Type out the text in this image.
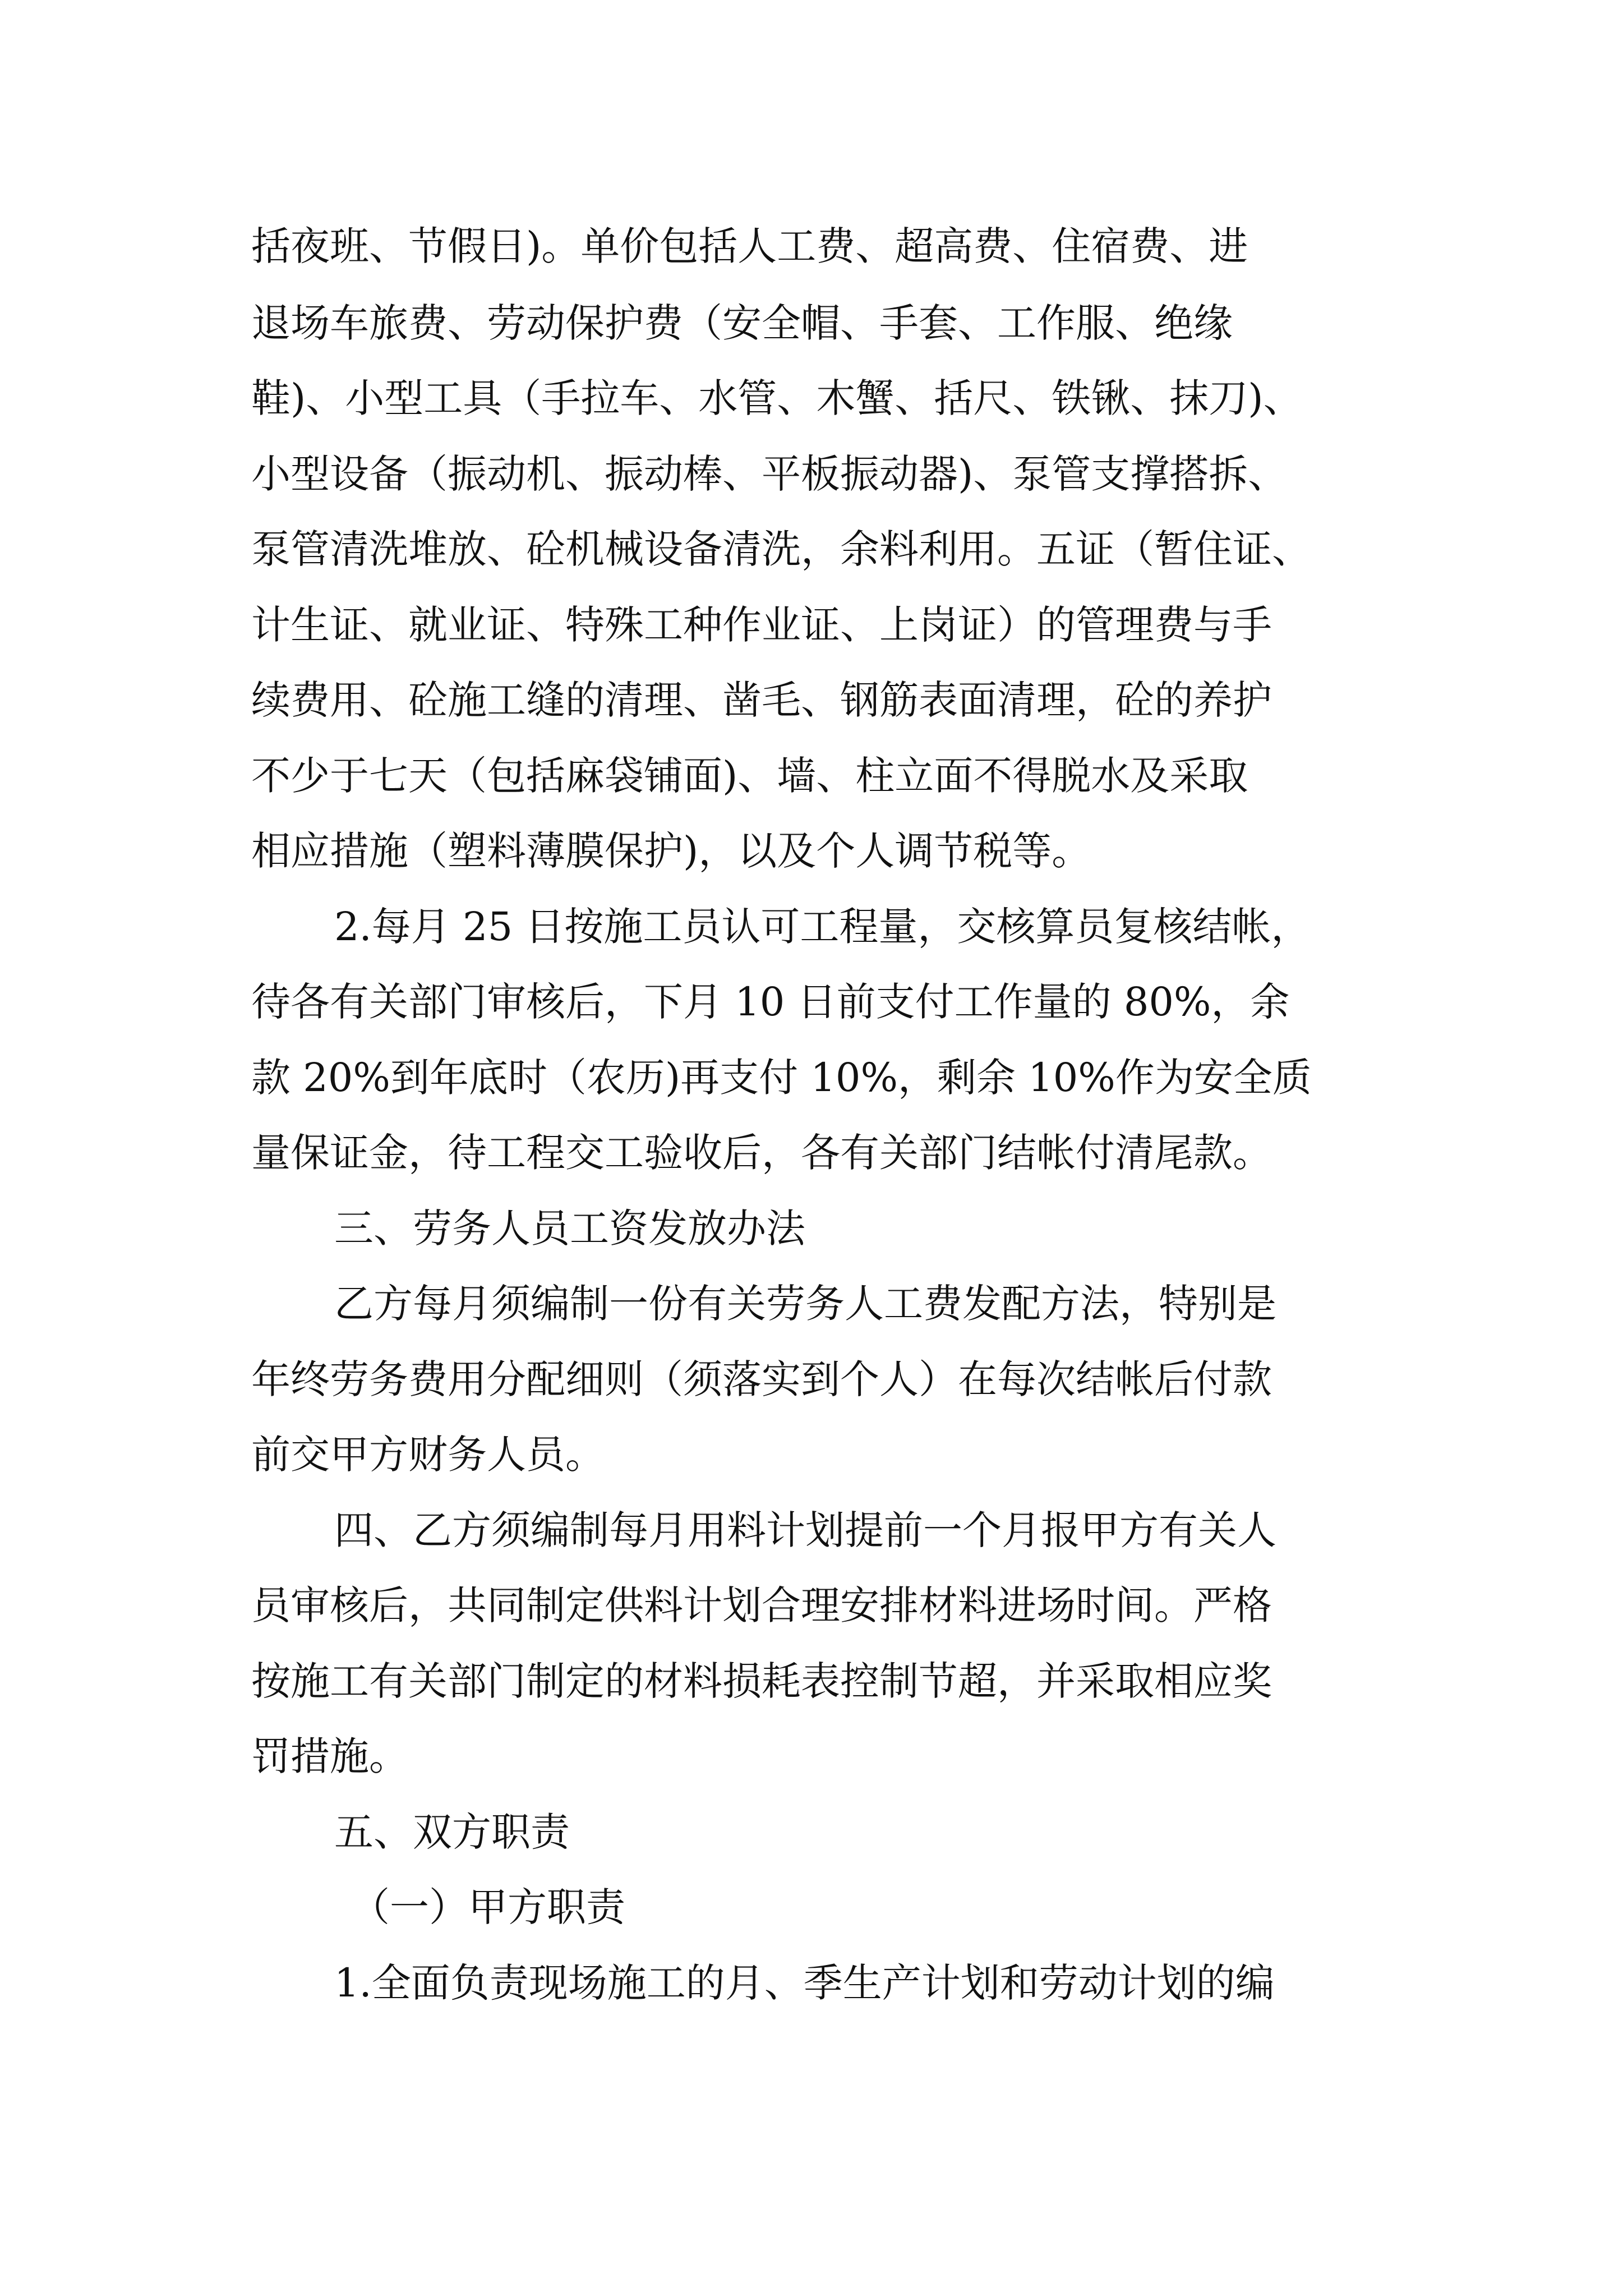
括夜班、节假日)。单价包括人工费、超高费、住宿费、进
退场车旅费、劳动保护费（安全帽、手套、工作服、绝缘
鞋)、小型工具（手拉车、水管、木蟹、括尺、铁锹、抹刀)、
小型设备（振动机、振动棒、平板振动器)、泵管支撑搭拆、
泵管清洗堆放、砼机械设备清洗，余料利用。五证（暂住证、
计生证、就业证、特殊工种作业证、上岗证）的管理费与手
续费用、砼施工缝的清理、凿毛、钢筋表面清理，砼的养护
不少于七天（包括麻袋铺面)、墙、柱立面不得脱水及采取
相应措施（塑料薄膜保护)，以及个人调节税等。
2.每月 25 日按施工员认可工程量，交核算员复核结帐，
待各有关部门审核后，下月 10 日前支付工作量的 80%，余
款 20%到年底时（农历)再支付 10%，剩余 10%作为安全质
量保证金，待工程交工验收后，各有关部门结帐付清尾款。
三、劳务人员工资发放办法
乙方每月须编制一份有关劳务人工费发配方法，特别是
年终劳务费用分配细则（须落实到个人）在每次结帐后付款
前交甲方财务人员。
四、乙方须编制每月用料计划提前一个月报甲方有关人
员审核后，共同制定供料计划合理安排材料进场时间。严格
按施工有关部门制定的材料损耗表控制节超，并采取相应奖
罚措施。
五、双方职责
（一）甲方职责
1.全面负责现场施工的月、季生产计划和劳动计划的编
